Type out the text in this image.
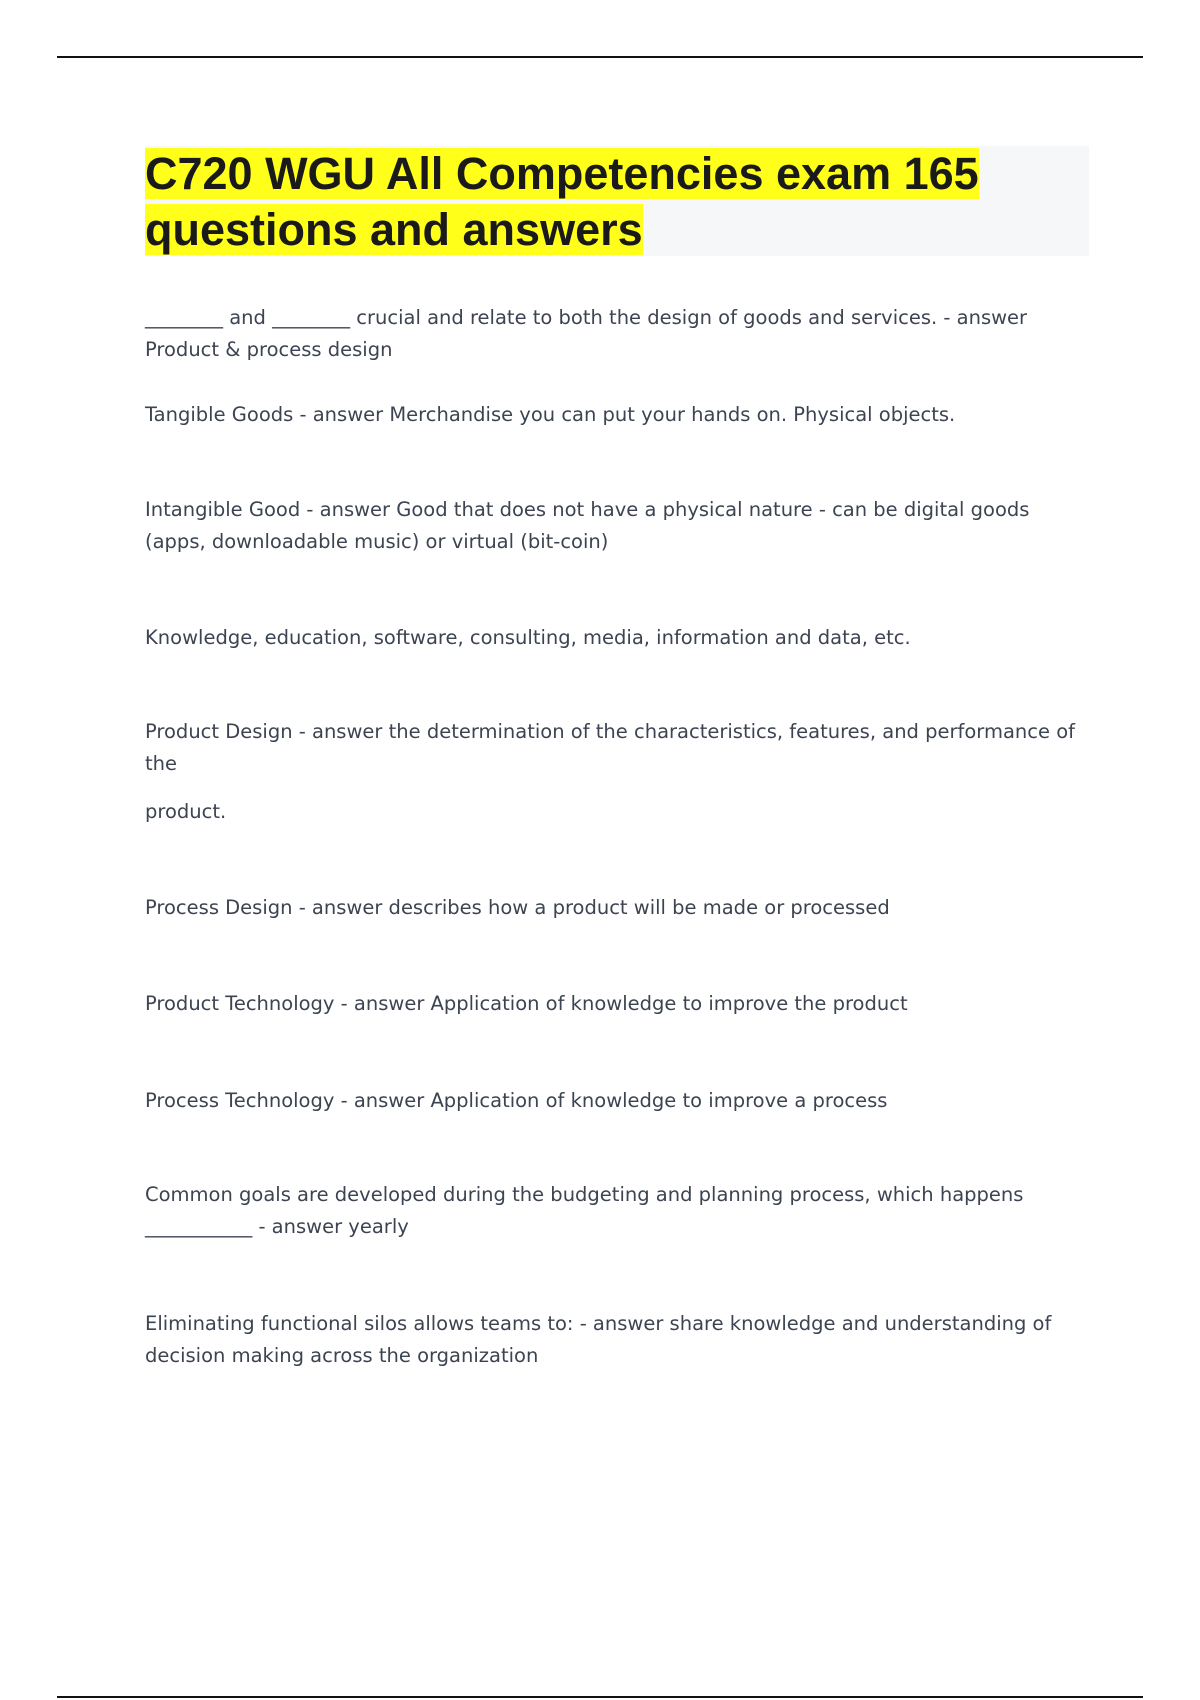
C720 WGU All Competencies exam 165
questions and answers

________ and ________ crucial and relate to both the design of goods and services. - answer Product & process design

Tangible Goods - answer Merchandise you can put your hands on. Physical objects.

Intangible Good - answer Good that does not have a physical nature - can be digital goods (apps, downloadable music) or virtual (bit-coin)

Knowledge, education, software, consulting, media, information and data, etc.

Product Design - answer the determination of the characteristics, features, and performance of the

product.

Process Design - answer describes how a product will be made or processed

Product Technology - answer Application of knowledge to improve the product

Process Technology - answer Application of knowledge to improve a process

Common goals are developed during the budgeting and planning process, which happens ___________ - answer yearly

Eliminating functional silos allows teams to: - answer share knowledge and understanding of decision making across the organization
